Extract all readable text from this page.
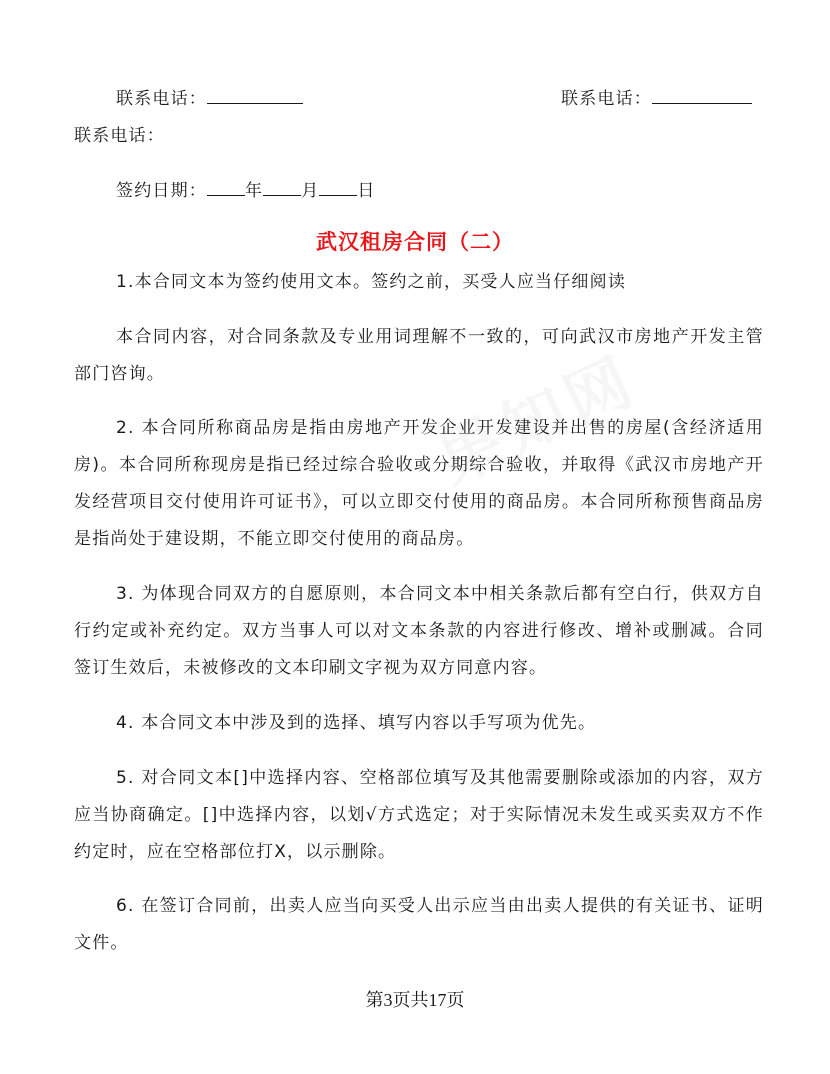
联系电话：	联系电话：
联系电话：
签约日期： 年 月 日
武汉租房合同（二）
1.本合同文本为签约使用文本。签约之前，买受人应当仔细阅读
本合同内容，对合同条款及专业用词理解不一致的，可向武汉市房地产开发主管部门咨询。
2. 本合同所称商品房是指由房地产开发企业开发建设并出售的房屋(含经济适用房)。本合同所称现房是指已经过综合验收或分期综合验收，并取得《武汉市房地产开发经营项目交付使用许可证书》，可以立即交付使用的商品房。本合同所称预售商品房是指尚处于建设期，不能立即交付使用的商品房。
3. 为体现合同双方的自愿原则，本合同文本中相关条款后都有空白行，供双方自行约定或补充约定。双方当事人可以对文本条款的内容进行修改、增补或删减。合同签订生效后，未被修改的文本印刷文字视为双方同意内容。
4. 本合同文本中涉及到的选择、填写内容以手写项为优先。
5. 对合同文本[]中选择内容、空格部位填写及其他需要删除或添加的内容，双方应当协商确定。[]中选择内容，以划√方式选定；对于实际情况未发生或买卖双方不作约定时，应在空格部位打X，以示删除。
6. 在签订合同前，出卖人应当向买受人出示应当由出卖人提供的有关证书、证明文件。
第3页共17页
